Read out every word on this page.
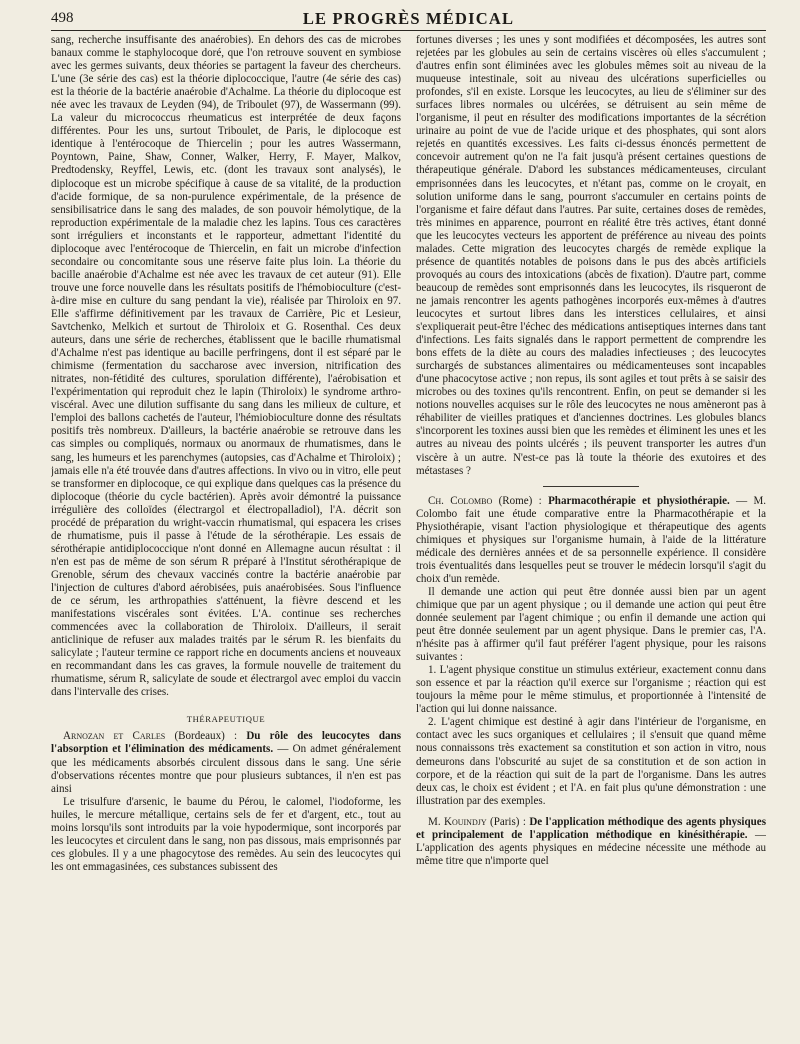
498	LE PROGRÈS MÉDICAL

sang, recherche insuffisante des anaérobies). En dehors des cas de microbes banaux comme le staphylocoque doré, que l'on retrouve souvent en symbiose avec les germes suivants, deux théories se partagent la faveur des chercheurs. L'une (3e série des cas) est la théorie diplococcique, l'autre (4e série des cas) est la théorie de la bactérie anaérobie d'Achalme. La théorie du diplocoque est née avec les travaux de Leyden (94), de Triboulet (97), de Wassermann (99). La valeur du micrococcus rheumaticus est interprétée de deux façons différentes. Pour les uns, surtout Triboulet, de Paris, le diplocoque est identique à l'entérocoque de Thiercelin ; pour les autres Wassermann, Poyntown, Paine, Shaw, Conner, Walker, Herry, F. Mayer, Malkov, Predtodensky, Reyffel, Lewis, etc. (dont les travaux sont analysés), le diplocoque est un microbe spécifique à cause de sa vitalité, de la production d'acide formique, de sa non-purulence expérimentale, de la présence de sensibilisatrice dans le sang des malades, de son pouvoir hémolytique, de la reproduction expérimentale de la maladie chez les lapins. Tous ces caractères sont irréguliers et inconstants et le rapporteur, admettant l'identité du diplocoque avec l'entérocoque de Thiercelin, en fait un microbe d'infection secondaire ou concomitante sous une réserve faite plus loin. La théorie du bacille anaérobie d'Achalme est née avec les travaux de cet auteur (91). Elle trouve une force nouvelle dans les résultats positifs de l'hémobioculture (c'est-à-dire mise en culture du sang pendant la vie), réalisée par Thiroloix en 97. Elle s'affirme définitivement par les travaux de Carrière, Pic et Lesieur, Savtchenko, Melkich et surtout de Thiroloix et G. Rosenthal. Ces deux auteurs, dans une série de recherches, établissent que le bacille rhumatismal d'Achalme n'est pas identique au bacille perfringens, dont il est séparé par le chimisme (fermentation du saccharose avec inversion, nitrification des nitrates, non-fétidité des cultures, sporulation différente), l'aérobisation et l'expérimentation qui reproduit chez le lapin (Thiroloix) le syndrome arthro-viscéral. Avec une dilution suffisante du sang dans les milieux de culture, et l'emploi des ballons cachetés de l'auteur, l'hémiobioculture donne des résultats positifs très nombreux. D'ailleurs, la bactérie anaérobie se retrouve dans les cas simples ou compliqués, normaux ou anormaux de rhumatismes, dans le sang, les humeurs et les parenchymes (autopsies, cas d'Achalme et Thiroloix) ; jamais elle n'a été trouvée dans d'autres affections. In vivo ou in vitro, elle peut se transformer en diplocoque, ce qui explique dans quelques cas la présence du diplocoque (théorie du cycle bactérien). Après avoir démontré la puissance irrégulière des colloïdes (électrargol et électropalladiol), l'A. décrit son procédé de préparation du wright-vaccin rhumatismal, qui espacera les crises de rhumatisme, puis il passe à l'étude de la sérothérapie. Les essais de sérothérapie antidiplococcique n'ont donné en Allemagne aucun résultat : il n'en est pas de même de son sérum R préparé à l'Institut sérothérapique de Grenoble, sérum des chevaux vaccinés contre la bactérie anaérobie par l'injection de cultures d'abord aérobisées, puis anaérobisées. Sous l'influence de ce sérum, les arthropathies s'atténuent, la fièvre descend et les manifestations viscérales sont évitées. L'A. continue ses recherches commencées avec la collaboration de Thiroloix. D'ailleurs, il serait anticlinique de refuser aux malades traités par le sérum R. les bienfaits du salicylate ; l'auteur termine ce rapport riche en documents anciens et nouveaux en recommandant dans les cas graves, la formule nouvelle de traitement du rhumatisme, sérum R, salicylate de soude et électrargol avec emploi du vaccin dans l'intervalle des crises.

THÉRAPEUTIQUE

Arnozan et Carles (Bordeaux) : Du rôle des leucocytes dans l'absorption et l'élimination des médicaments. — On admet généralement que les médicaments absorbés circulent dissous dans le sang. Une série d'observations récentes montre que pour plusieurs subtances, il n'en est pas ainsi

Le trisulfure d'arsenic, le baume du Pérou, le calomel, l'iodoforme, les huiles, le mercure métallique, certains sels de fer et d'argent, etc., tout au moins lorsqu'ils sont introduits par la voie hypodermique, sont incorporés par les leucocytes et circulent dans le sang, non pas dissous, mais emprisonnés par ces globules. Il y a une phagocytose des remèdes. Au sein des leucocytes qui les ont emmagasinées, ces substances subissent des

fortunes diverses ; les unes y sont modifiées et décomposées, les autres sont rejetées par les globules au sein de certains viscères où elles s'accumulent ; d'autres enfin sont éliminées avec les globules mêmes soit au niveau de la muqueuse intestinale, soit au niveau des ulcérations superficielles ou profondes, s'il en existe. Lorsque les leucocytes, au lieu de s'éliminer sur des surfaces libres normales ou ulcérées, se détruisent au sein même de l'organisme, il peut en résulter des modifications importantes de la sécrétion urinaire au point de vue de l'acide urique et des phosphates, qui sont alors rejetés en quantités excessives. Les faits ci-dessus énoncés permettent de concevoir autrement qu'on ne l'a fait jusqu'à présent certaines questions de thérapeutique générale. D'abord les substances médicamenteuses, circulant emprisonnées dans les leucocytes, et n'étant pas, comme on le croyait, en solution uniforme dans le sang, pourront s'accumuler en certains points de l'organisme et faire défaut dans l'autres. Par suite, certaines doses de remèdes, très minimes en apparence, pourront en réalité être très actives, étant donné que les leucocytes vecteurs les apportent de préférence au niveau des points malades. Cette migration des leucocytes chargés de remède explique la présence de quantités notables de poisons dans le pus des abcès artificiels provoqués au cours des intoxications (abcès de fixation). D'autre part, comme beaucoup de remèdes sont emprisonnés dans les leucocytes, ils risqueront de ne jamais rencontrer les agents pathogènes incorporés eux-mêmes à d'autres leucocytes et surtout libres dans les interstices cellulaires, et ainsi s'expliquerait peut-être l'échec des médications antiseptiques internes dans tant d'infections. Les faits signalés dans le rapport permettent de comprendre les bons effets de la diète au cours des maladies infectieuses ; des leucocytes surchargés de substances alimentaires ou médicamenteuses sont incapables d'une phacocytose active ; non repus, ils sont agiles et tout prêts à se saisir des microbes ou des toxines qu'ils rencontrent. Enfin, on peut se demander si les notions nouvelles acquises sur le rôle des leucocytes ne nous amèneront pas à réhabiliter de vieilles pratiques et d'anciennes doctrines. Les globules blancs s'incorporent les toxines aussi bien que les remèdes et éliminent les unes et les autres au niveau des points ulcérés ; ils peuvent transporter les autres d'un viscère à un autre. N'est-ce pas là toute la théorie des exutoires et des métastases ?

Ch. Colombo (Rome) : Pharmacothérapie et physiothérapie. — M. Colombo fait une étude comparative entre la Pharmacothérapie et la Physiothérapie, visant l'action physiologique et thérapeutique des agents chimiques et physiques sur l'organisme humain, à l'aide de la littérature médicale des dernières années et de sa personnelle expérience. Il considère trois éventualités dans lesquelles peut se trouver le médecin lorsqu'il s'agit du choix d'un remède.

Il demande une action qui peut être donnée aussi bien par un agent chimique que par un agent physique ; ou il demande une action qui peut être donnée seulement par l'agent chimique ; ou enfin il demande une action qui peut être donnée seulement par un agent physique. Dans le premier cas, l'A. n'hésite pas à affirmer qu'il faut préférer l'agent physique, pour les raisons suivantes :

1. L'agent physique constitue un stimulus extérieur, exactement connu dans son essence et par la réaction qu'il exerce sur l'organisme ; réaction qui est toujours la même pour le même stimulus, et proportionnée à l'intensité de l'action qui lui donne naissance.

2. L'agent chimique est destiné à agir dans l'intérieur de l'organisme, en contact avec les sucs organiques et cellulaires ; il s'ensuit que quand même nous connaissons très exactement sa constitution et son action in vitro, nous demeurons dans l'obscurité au sujet de sa constitution et de son action in corpore, et de la réaction qui suit de la part de l'organisme. Dans les autres deux cas, le choix est évident ; et l'A. en fait plus qu'une démonstration : une illustration par des exemples.

M. Kouindjy (Paris) : De l'application méthodique des agents physiques et principalement de l'application méthodique en kinésithérapie. — L'application des agents physiques en médecine nécessite une méthode au même titre que n'importe quel
